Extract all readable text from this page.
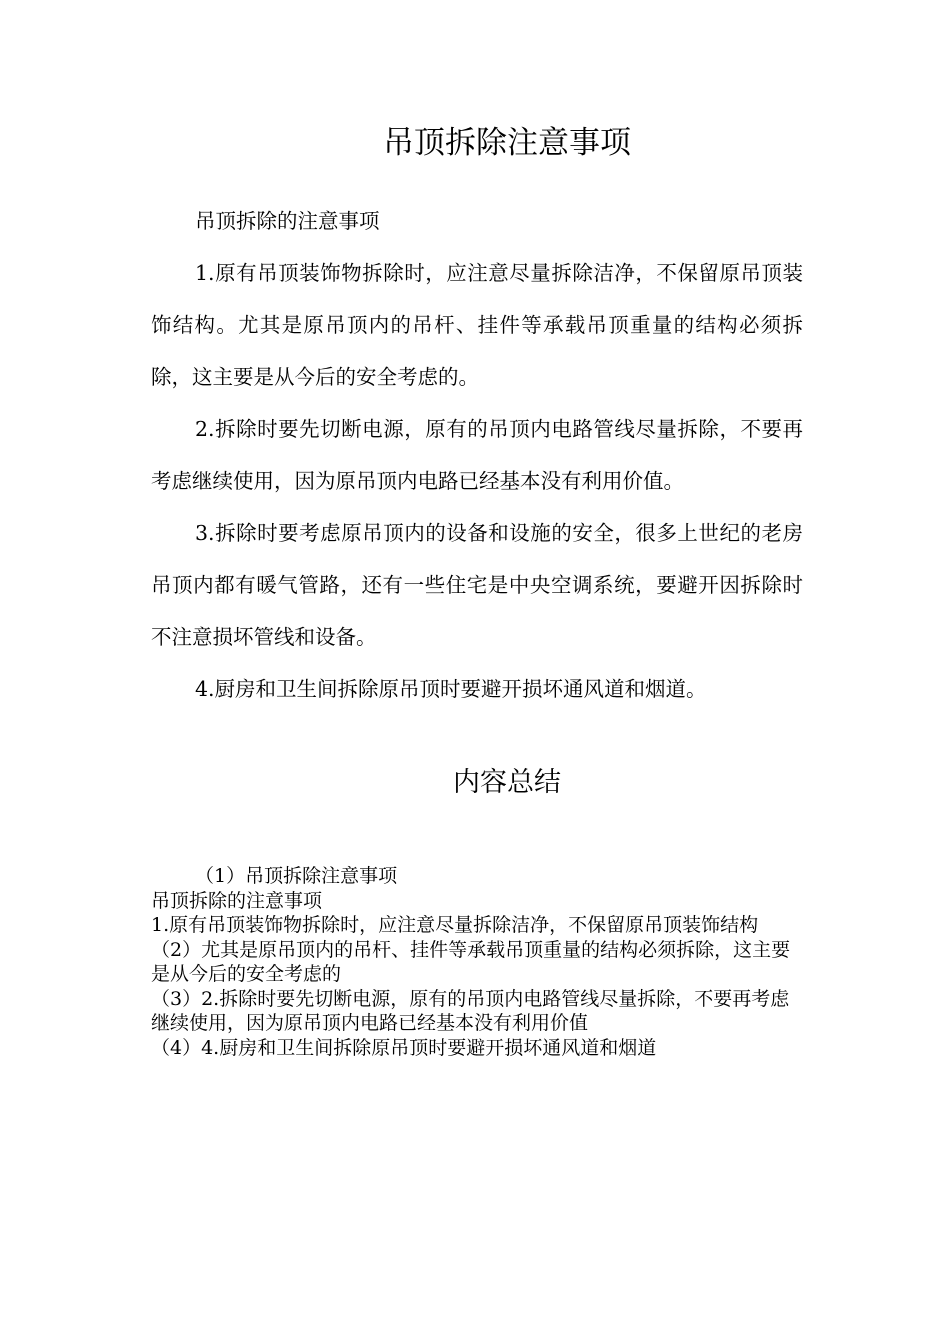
吊顶拆除注意事项

吊顶拆除的注意事项

1.原有吊顶装饰物拆除时，应注意尽量拆除洁净，不保留原吊顶装饰结构。尤其是原吊顶内的吊杆、挂件等承载吊顶重量的结构必须拆除，这主要是从今后的安全考虑的。

2.拆除时要先切断电源，原有的吊顶内电路管线尽量拆除，不要再考虑继续使用，因为原吊顶内电路已经基本没有利用价值。

3.拆除时要考虑原吊顶内的设备和设施的安全，很多上世纪的老房吊顶内都有暖气管路，还有一些住宅是中央空调系统，要避开因拆除时不注意损坏管线和设备。

4.厨房和卫生间拆除原吊顶时要避开损坏通风道和烟道。

内容总结

（1）吊顶拆除注意事项

吊顶拆除的注意事项

1.原有吊顶装饰物拆除时，应注意尽量拆除洁净，不保留原吊顶装饰结构

（2）尤其是原吊顶内的吊杆、挂件等承载吊顶重量的结构必须拆除，这主要是从今后的安全考虑的

（3）2.拆除时要先切断电源，原有的吊顶内电路管线尽量拆除，不要再考虑继续使用，因为原吊顶内电路已经基本没有利用价值

（4）4.厨房和卫生间拆除原吊顶时要避开损坏通风道和烟道
